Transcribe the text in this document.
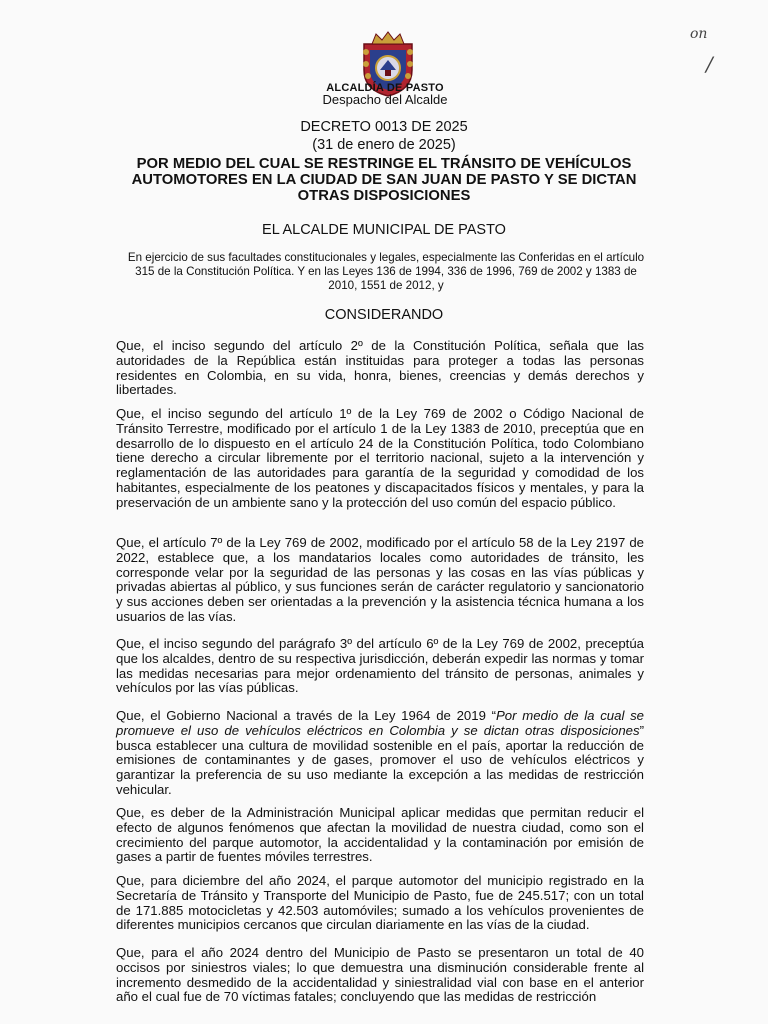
ALCALDÍA DE PASTO
Despacho del Alcalde
on
/
DECRETO 0013 DE 2025
(31 de enero de 2025)
POR MEDIO DEL CUAL SE RESTRINGE EL TRÁNSITO DE VEHÍCULOS AUTOMOTORES EN LA CIUDAD DE SAN JUAN DE PASTO Y SE DICTAN OTRAS DISPOSICIONES
EL ALCALDE MUNICIPAL DE PASTO
En ejercicio de sus facultades constitucionales y legales, especialmente las Conferidas en el artículo 315 de la Constitución Política. Y en las Leyes 136 de 1994, 336 de 1996, 769 de 2002 y 1383 de 2010, 1551 de 2012, y
CONSIDERANDO
Que, el inciso segundo del artículo 2º de la Constitución Política, señala que las autoridades de la República están instituidas para proteger a todas las personas residentes en Colombia, en su vida, honra, bienes, creencias y demás derechos y libertades.
Que, el inciso segundo del artículo 1º de la Ley 769 de 2002 o Código Nacional de Tránsito Terrestre, modificado por el artículo 1 de la Ley 1383 de 2010, preceptúa que en desarrollo de lo dispuesto en el artículo 24 de la Constitución Política, todo Colombiano tiene derecho a circular libremente por el territorio nacional, sujeto a la intervención y reglamentación de las autoridades para garantía de la seguridad y comodidad de los habitantes, especialmente de los peatones y discapacitados físicos y mentales, y para la preservación de un ambiente sano y la protección del uso común del espacio público.
Que, el artículo 7º de la Ley 769 de 2002, modificado por el artículo 58 de la Ley 2197 de 2022, establece que, a los mandatarios locales como autoridades de tránsito, les corresponde velar por la seguridad de las personas y las cosas en las vías públicas y privadas abiertas al público, y sus funciones serán de carácter regulatorio y sancionatorio y sus acciones deben ser orientadas a la prevención y la asistencia técnica humana a los usuarios de las vías.
Que, el inciso segundo del parágrafo 3º del artículo 6º de la Ley 769 de 2002, preceptúa que los alcaldes, dentro de su respectiva jurisdicción, deberán expedir las normas y tomar las medidas necesarias para mejor ordenamiento del tránsito de personas, animales y vehículos por las vías públicas.
Que, el Gobierno Nacional a través de la Ley 1964 de 2019 “Por medio de la cual se promueve el uso de vehículos eléctricos en Colombia y se dictan otras disposiciones” busca establecer una cultura de movilidad sostenible en el país, aportar la reducción de emisiones de contaminantes y de gases, promover el uso de vehículos eléctricos y garantizar la preferencia de su uso mediante la excepción a las medidas de restricción vehicular.
Que, es deber de la Administración Municipal aplicar medidas que permitan reducir el efecto de algunos fenómenos que afectan la movilidad de nuestra ciudad, como son el crecimiento del parque automotor, la accidentalidad y la contaminación por emisión de gases a partir de fuentes móviles terrestres.
Que, para diciembre del año 2024, el parque automotor del municipio registrado en la Secretaría de Tránsito y Transporte del Municipio de Pasto, fue de 245.517; con un total de 171.885 motocicletas y 42.503 automóviles; sumado a los vehículos provenientes de diferentes municipios cercanos que circulan diariamente en las vías de la ciudad.
Que, para el año 2024 dentro del Municipio de Pasto se presentaron un total de 40 occisos por siniestros viales; lo que demuestra una disminución considerable frente al incremento desmedido de la accidentalidad y siniestralidad vial con base en el anterior año el cual fue de 70 víctimas fatales; concluyendo que las medidas de restricción
